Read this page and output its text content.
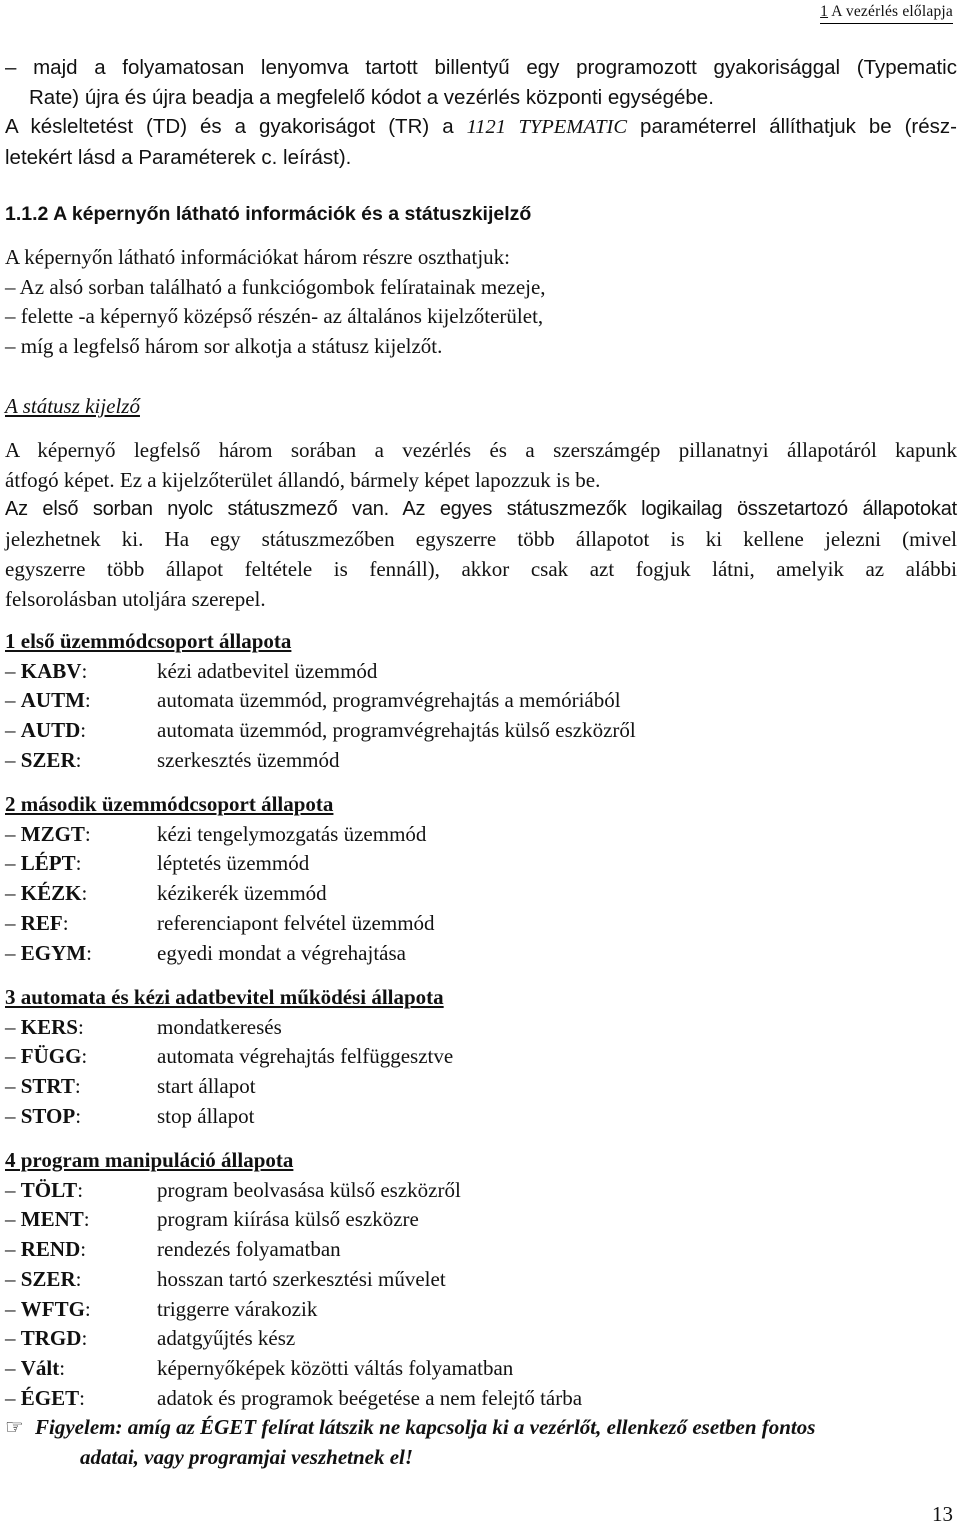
1 A vezérlés előlapja

– majd a folyamatosan lenyomva tartott billentyű egy programozott gyakorisággal (Typematic

Rate) újra és újra beadja a megfelelő kódot a vezérlés központi egységébe.

A késleltetést (TD) és a gyakoriságot (TR) a 1121 TYPEMATIC paraméterrel állíthatjuk be (rész-

letekért lásd a Paraméterek c. leírást).

1.1.2 A képernyőn látható információk és a státuszkijelző

A képernyőn látható információkat három részre oszthatjuk:

– Az alsó sorban található a funkciógombok felíratainak mezeje,

– felette -a képernyő középső részén- az általános kijelzőterület,

– míg a legfelső három sor alkotja a státusz kijelzőt.

A státusz kijelző

A képernyő legfelső három sorában a vezérlés és a szerszámgép pillanatnyi állapotáról kapunk

átfogó képet. Ez a kijelzőterület állandó, bármely képet lapozzuk is be.

Az első sorban nyolc státuszmező van. Az egyes státuszmezők logikailag összetartozó állapotokat

jelezhetnek ki. Ha egy státuszmezőben egyszerre több állapotot is ki kellene jelezni (mivel

egyszerre több állapot feltétele is fennáll), akkor csak azt fogjuk látni, amelyik az alábbi

felsorolásban utoljára szerepel.

1 első üzemmódcsoport állapota

– KABV:	kézi adatbevitel üzemmód
– AUTM:	automata üzemmód, programvégrehajtás a memóriából
– AUTD:	automata üzemmód, programvégrehajtás külső eszközről
– SZER:	szerkesztés üzemmód

2 második üzemmódcsoport állapota

– MZGT:	kézi tengelymozgatás üzemmód
– LÉPT:	léptetés üzemmód
– KÉZK:	kézikerék üzemmód
– REF:	referenciapont felvétel üzemmód
– EGYM:	egyedi mondat a végrehajtása

3 automata és kézi adatbevitel működési állapota

– KERS:	mondatkeresés
– FÜGG:	automata végrehajtás felfüggesztve
– STRT:	start állapot
– STOP:	stop állapot

4 program manipuláció állapota

– TÖLT:	program beolvasása külső eszközről
– MENT:	program kiírása külső eszközre
– REND:	rendezés folyamatban
– SZER:	hosszan tartó szerkesztési művelet
– WFTG:	triggerre várakozik
– TRGD:	adatgyűjtés kész
– Vált:	képernyőképek közötti váltás folyamatban
– ÉGET:	adatok és programok beégetése a nem felejtő tárba

☞ Figyelem: amíg az ÉGET felírat látszik ne kapcsolja ki a vezérlőt, ellenkező esetben fontos

adatai, vagy programjai veszhetnek el!

13
